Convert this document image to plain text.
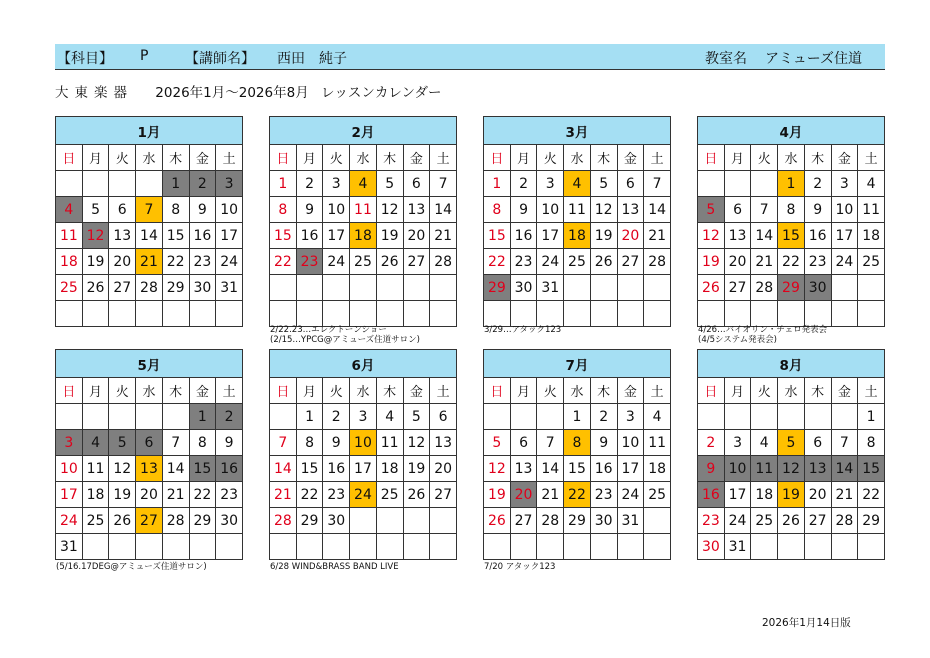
【科目】 P	【講師名】 西田　純子	教室名 アミューズ住道
大東楽器 2026年1月～2026年8月 レッスンカレンダー
1月						
日	月	火	水	木	金	土
				1	2	3
4	5	6	7	8	9	10
11	12	13	14	15	16	17
18	19	20	21	22	23	24
25	26	27	28	29	30	31

2月						
日	月	火	水	木	金	土
1	2	3	4	5	6	7
8	9	10	11	12	13	14
15	16	17	18	19	20	21
22	23	24	25	26	27	28

2/22.23…エレクトーンショー
(2/15…YPCG@アミューズ住道サロン)
3月						
日	月	火	水	木	金	土
1	2	3	4	5	6	7
8	9	10	11	12	13	14
15	16	17	18	19	20	21
22	23	24	25	26	27	28
29	30	31				

3/29…アタック123
4月						
日	月	火	水	木	金	土
			1	2	3	4
5	6	7	8	9	10	11
12	13	14	15	16	17	18
19	20	21	22	23	24	25
26	27	28	29	30		

4/26…バイオリン・チェロ発表会
(4/5システム発表会)
5月						
日	月	火	水	木	金	土
					1	2
3	4	5	6	7	8	9
10	11	12	13	14	15	16
17	18	19	20	21	22	23
24	25	26	27	28	29	30
31						
(5/16.17DEG@アミューズ住道サロン)
6月						
日	月	火	水	木	金	土
	1	2	3	4	5	6
7	8	9	10	11	12	13
14	15	16	17	18	19	20
21	22	23	24	25	26	27
28	29	30				

6/28 WIND&BRASS BAND LIVE
7月						
日	月	火	水	木	金	土
			1	2	3	4
5	6	7	8	9	10	11
12	13	14	15	16	17	18
19	20	21	22	23	24	25
26	27	28	29	30	31	

7/20 アタック123
8月						
日	月	火	水	木	金	土
						1
2	3	4	5	6	7	8
9	10	11	12	13	14	15
16	17	18	19	20	21	22
23	24	25	26	27	28	29
30	31					
2026年1月14日版
